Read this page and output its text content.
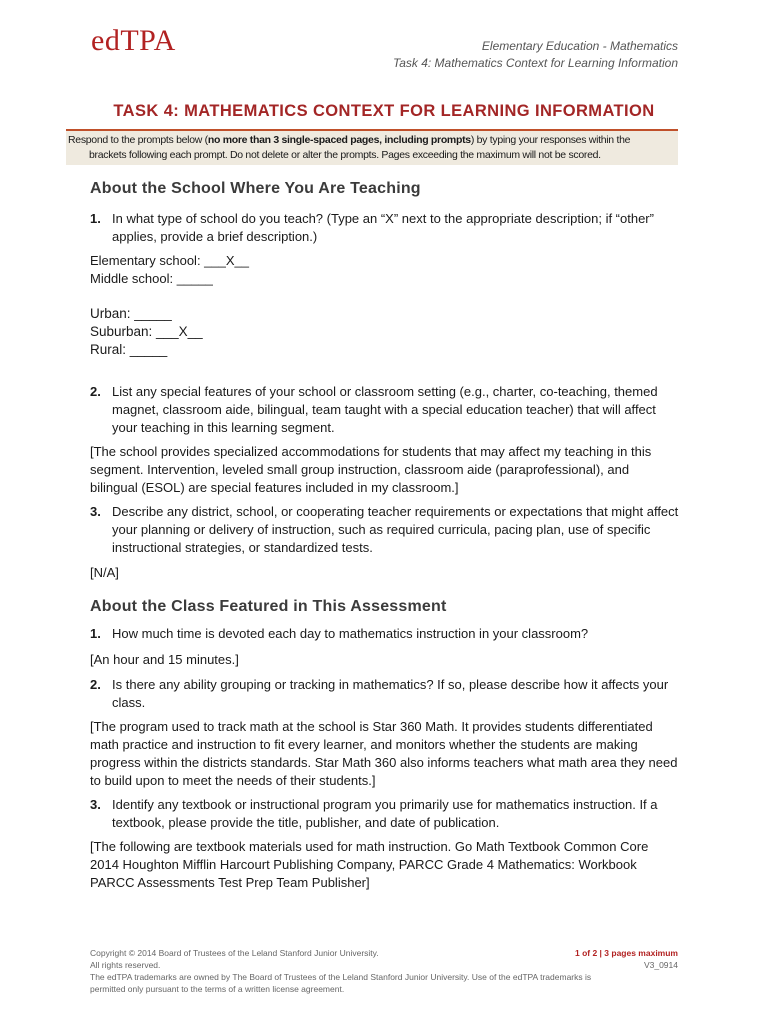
edTPA	Elementary Education - Mathematics
Task 4: Mathematics Context for Learning Information
TASK 4: MATHEMATICS CONTEXT FOR LEARNING INFORMATION
Respond to the prompts below (no more than 3 single-spaced pages, including prompts) by typing your responses within the
brackets following each prompt. Do not delete or alter the prompts. Pages exceeding the maximum will not be scored.
About the School Where You Are Teaching
1. In what type of school do you teach? (Type an “X” next to the appropriate description; if “other” applies, provide a brief description.)
Elementary school: ___X__
Middle school: _____
Urban: _____
Suburban: ___X__
Rural: _____
2. List any special features of your school or classroom setting (e.g., charter, co-teaching, themed magnet, classroom aide, bilingual, team taught with a special education teacher) that will affect your teaching in this learning segment.
[The school provides specialized accommodations for students that may affect my teaching in this segment. Intervention, leveled small group instruction, classroom aide (paraprofessional), and bilingual (ESOL) are special features included in my classroom.]
3. Describe any district, school, or cooperating teacher requirements or expectations that might affect your planning or delivery of instruction, such as required curricula, pacing plan, use of specific instructional strategies, or standardized tests.
[N/A]
About the Class Featured in This Assessment
1. How much time is devoted each day to mathematics instruction in your classroom?
[An hour and 15 minutes.]
2. Is there any ability grouping or tracking in mathematics? If so, please describe how it affects your class.
[The program used to track math at the school is Star 360 Math. It provides students differentiated math practice and instruction to fit every learner, and monitors whether the students are making progress within the districts standards. Star Math 360 also informs teachers what math area they need to build upon to meet the needs of their students.]
3. Identify any textbook or instructional program you primarily use for mathematics instruction. If a textbook, please provide the title, publisher, and date of publication.
[The following are textbook materials used for math instruction. Go Math Textbook Common Core 2014 Houghton Mifflin Harcourt Publishing Company, PARCC Grade 4 Mathematics: Workbook PARCC Assessments Test Prep Team Publisher]
Copyright © 2014 Board of Trustees of the Leland Stanford Junior University.
All rights reserved.
The edTPA trademarks are owned by The Board of Trustees of the Leland Stanford Junior University. Use of the edTPA trademarks is
permitted only pursuant to the terms of a written license agreement.
1 of 2 | 3 pages maximum
V3_0914
